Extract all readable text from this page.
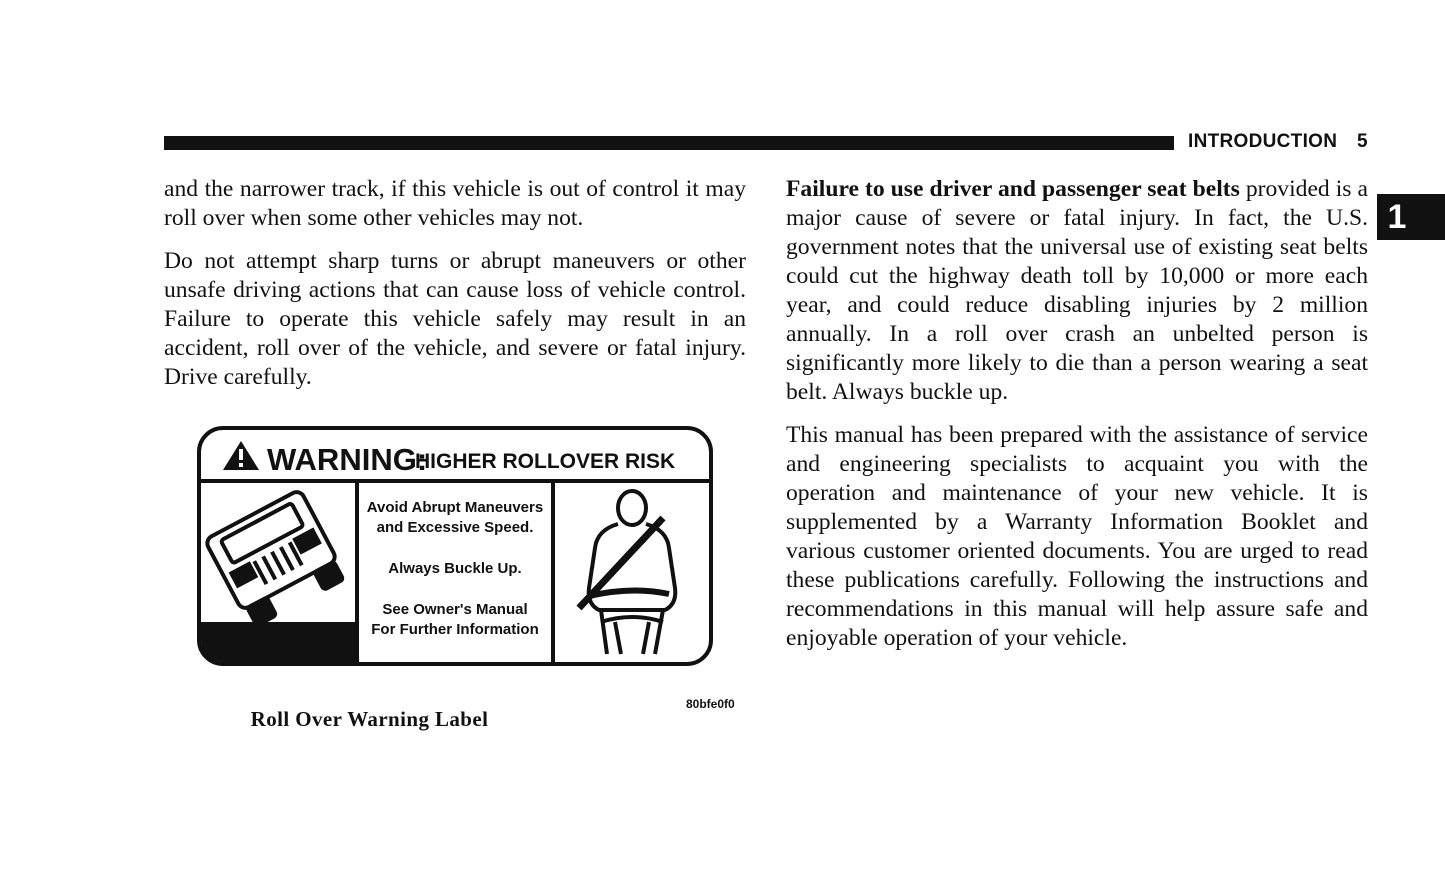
INTRODUCTION 5
1

and the narrower track, if this vehicle is out of control it may roll over when some other vehicles may not.

Do not attempt sharp turns or abrupt maneuvers or other unsafe driving actions that can cause loss of vehicle control. Failure to operate this vehicle safely may result in an accident, roll over of the vehicle, and severe or fatal injury. Drive carefully.

WARNING:
HIGHER ROLLOVER RISK
Avoid Abrupt Maneuvers
and Excessive Speed.
Always Buckle Up.
See Owner's Manual
For Further Information
80bfe0f0
Roll Over Warning Label

Failure to use driver and passenger seat belts provided is a major cause of severe or fatal injury. In fact, the U.S. government notes that the universal use of existing seat belts could cut the highway death toll by 10,000 or more each year, and could reduce disabling injuries by 2 million annually. In a roll over crash an unbelted person is significantly more likely to die than a person wearing a seat belt. Always buckle up.

This manual has been prepared with the assistance of service and engineering specialists to acquaint you with the operation and maintenance of your new vehicle. It is supplemented by a Warranty Information Booklet and various customer oriented documents. You are urged to read these publications carefully. Following the instructions and recommendations in this manual will help assure safe and enjoyable operation of your vehicle.
